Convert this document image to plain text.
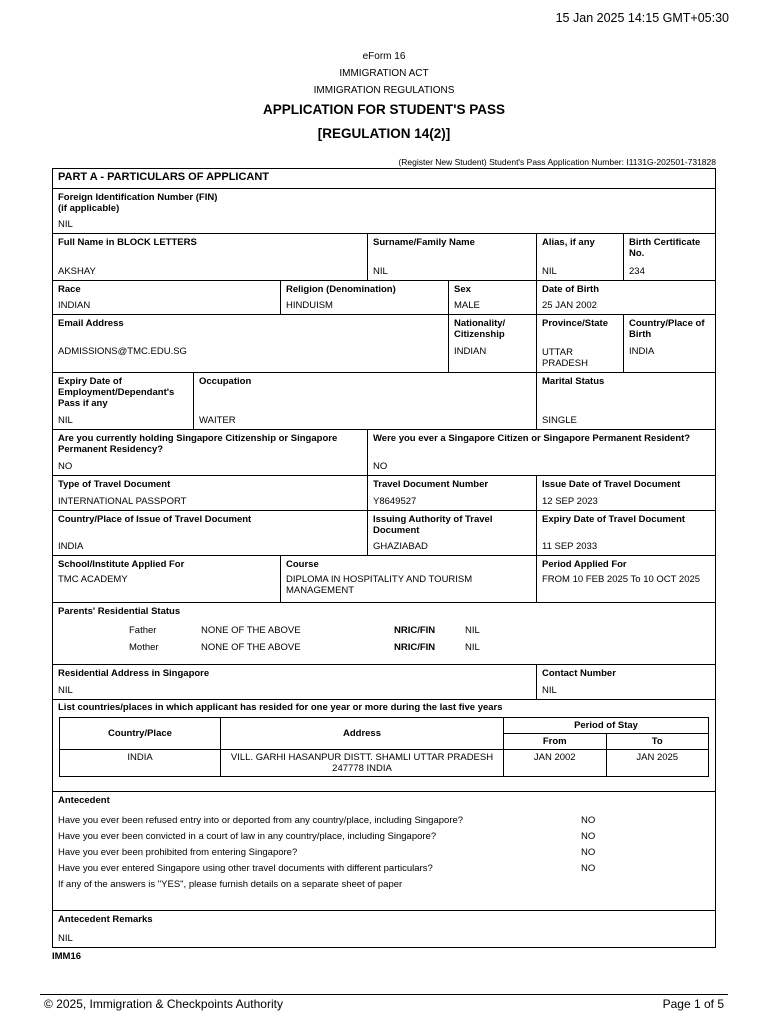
15 Jan 2025 14:15 GMT+05:30
eForm 16
IMMIGRATION ACT
IMMIGRATION REGULATIONS
APPLICATION FOR STUDENT'S PASS
[REGULATION 14(2)]
(Register New Student) Student's Pass Application Number: I1131G-202501-731828
PART A - PARTICULARS OF APPLICANT
Foreign Identification Number (FIN)
(if applicable)
NIL
Full Name in BLOCK LETTERS
AKSHAY
Surname/Family Name
NIL
Alias, if any
NIL
Birth Certificate No.
234
Race
INDIAN
Religion (Denomination)
HINDUISM
Sex
MALE
Date of Birth
25 JAN 2002
Email Address
ADMISSIONS@TMC.EDU.SG
Nationality/ Citizenship
INDIAN
Province/State
UTTAR PRADESH
Country/Place of Birth
INDIA
Expiry Date of Employment/Dependant's Pass if any
NIL
Occupation
WAITER
Marital Status
SINGLE
Are you currently holding Singapore Citizenship or Singapore Permanent Residency?
NO
Were you ever a Singapore Citizen or Singapore Permanent Resident?
NO
Type of Travel Document
INTERNATIONAL PASSPORT
Travel Document Number
Y8649527
Issue Date of Travel Document
12 SEP 2023
Country/Place of Issue of Travel Document
INDIA
Issuing Authority of Travel Document
GHAZIABAD
Expiry Date of Travel Document
11 SEP 2033
School/Institute Applied For
TMC ACADEMY
Course
DIPLOMA IN HOSPITALITY AND TOURISM MANAGEMENT
Period Applied For
FROM 10 FEB 2025 To 10 OCT 2025
Parents' Residential Status
Father	NONE OF THE ABOVE	NRIC/FIN	NIL
Mother	NONE OF THE ABOVE	NRIC/FIN	NIL
Residential Address in Singapore
NIL
Contact Number
NIL
List countries/places in which applicant has resided for one year or more during the last five years
Country/Place	Address	Period of Stay	
		From	To
INDIA	VILL. GARHI HASANPUR DISTT. SHAMLI UTTAR PRADESH 247778 INDIA	JAN 2002	JAN 2025
Antecedent
Have you ever been refused entry into or deported from any country/place, including Singapore?	NO
Have you ever been convicted in a court of law in any country/place, including Singapore?	NO
Have you ever been prohibited from entering Singapore?	NO
Have you ever entered Singapore using other travel documents with different particulars?	NO
If any of the answers is "YES", please furnish details on a separate sheet of paper
Antecedent Remarks
NIL
IMM16
© 2025, Immigration & Checkpoints Authority	Page 1 of 5
